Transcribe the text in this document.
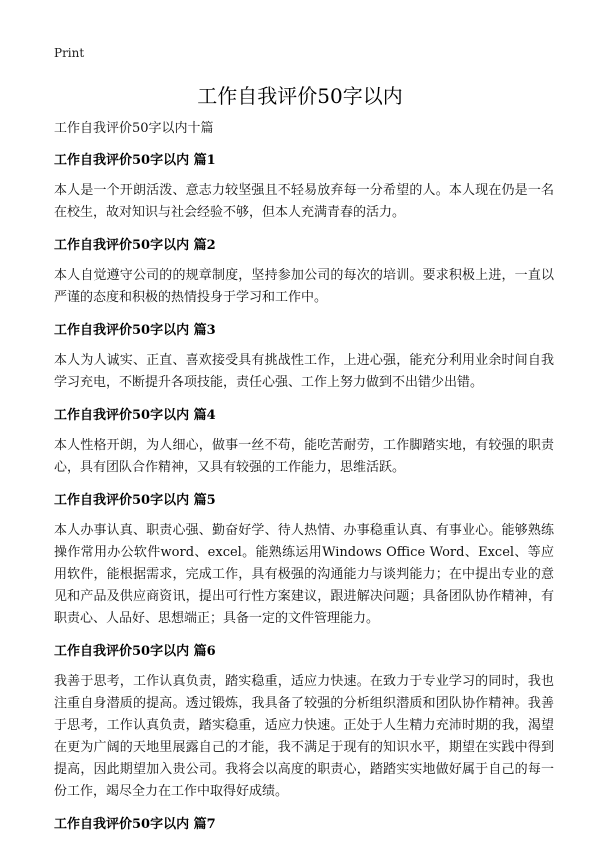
Print
工作自我评价50字以内

工作自我评价50字以内十篇

工作自我评价50字以内 篇1

本人是一个开朗活泼、意志力较坚强且不轻易放弃每一分希望的人。本人现在仍是一名在校生，故对知识与社会经验不够，但本人充满青春的活力。

工作自我评价50字以内 篇2

本人自觉遵守公司的的规章制度，坚持参加公司的每次的培训。要求积极上进，一直以严谨的态度和积极的热情投身于学习和工作中。

工作自我评价50字以内 篇3

本人为人诚实、正直、喜欢接受具有挑战性工作，上进心强，能充分利用业余时间自我学习充电，不断提升各项技能，责任心强、工作上努力做到不出错少出错。

工作自我评价50字以内 篇4

本人性格开朗，为人细心，做事一丝不苟，能吃苦耐劳，工作脚踏实地，有较强的职责心，具有团队合作精神，又具有较强的工作能力，思维活跃。

工作自我评价50字以内 篇5

本人办事认真、职责心强、勤奋好学、待人热情、办事稳重认真、有事业心。能够熟练操作常用办公软件word、excel。能熟练运用Windows Office Word、Excel、等应用软件，能根据需求，完成工作，具有极强的沟通能力与谈判能力；在中提出专业的意见和产品及供应商资讯，提出可行性方案建议，跟进解决问题；具备团队协作精神，有职责心、人品好、思想端正；具备一定的文件管理能力。

工作自我评价50字以内 篇6

我善于思考，工作认真负责，踏实稳重，适应力快速。在致力于专业学习的同时，我也注重自身潜质的提高。透过锻炼，我具备了较强的分析组织潜质和团队协作精神。我善于思考，工作认真负责，踏实稳重，适应力快速。正处于人生精力充沛时期的我，渴望在更为广阔的天地里展露自己的才能，我不满足于现有的知识水平，期望在实践中得到提高，因此期望加入贵公司。我将会以高度的职责心，踏踏实实地做好属于自己的每一份工作，竭尽全力在工作中取得好成绩。

工作自我评价50字以内 篇7
